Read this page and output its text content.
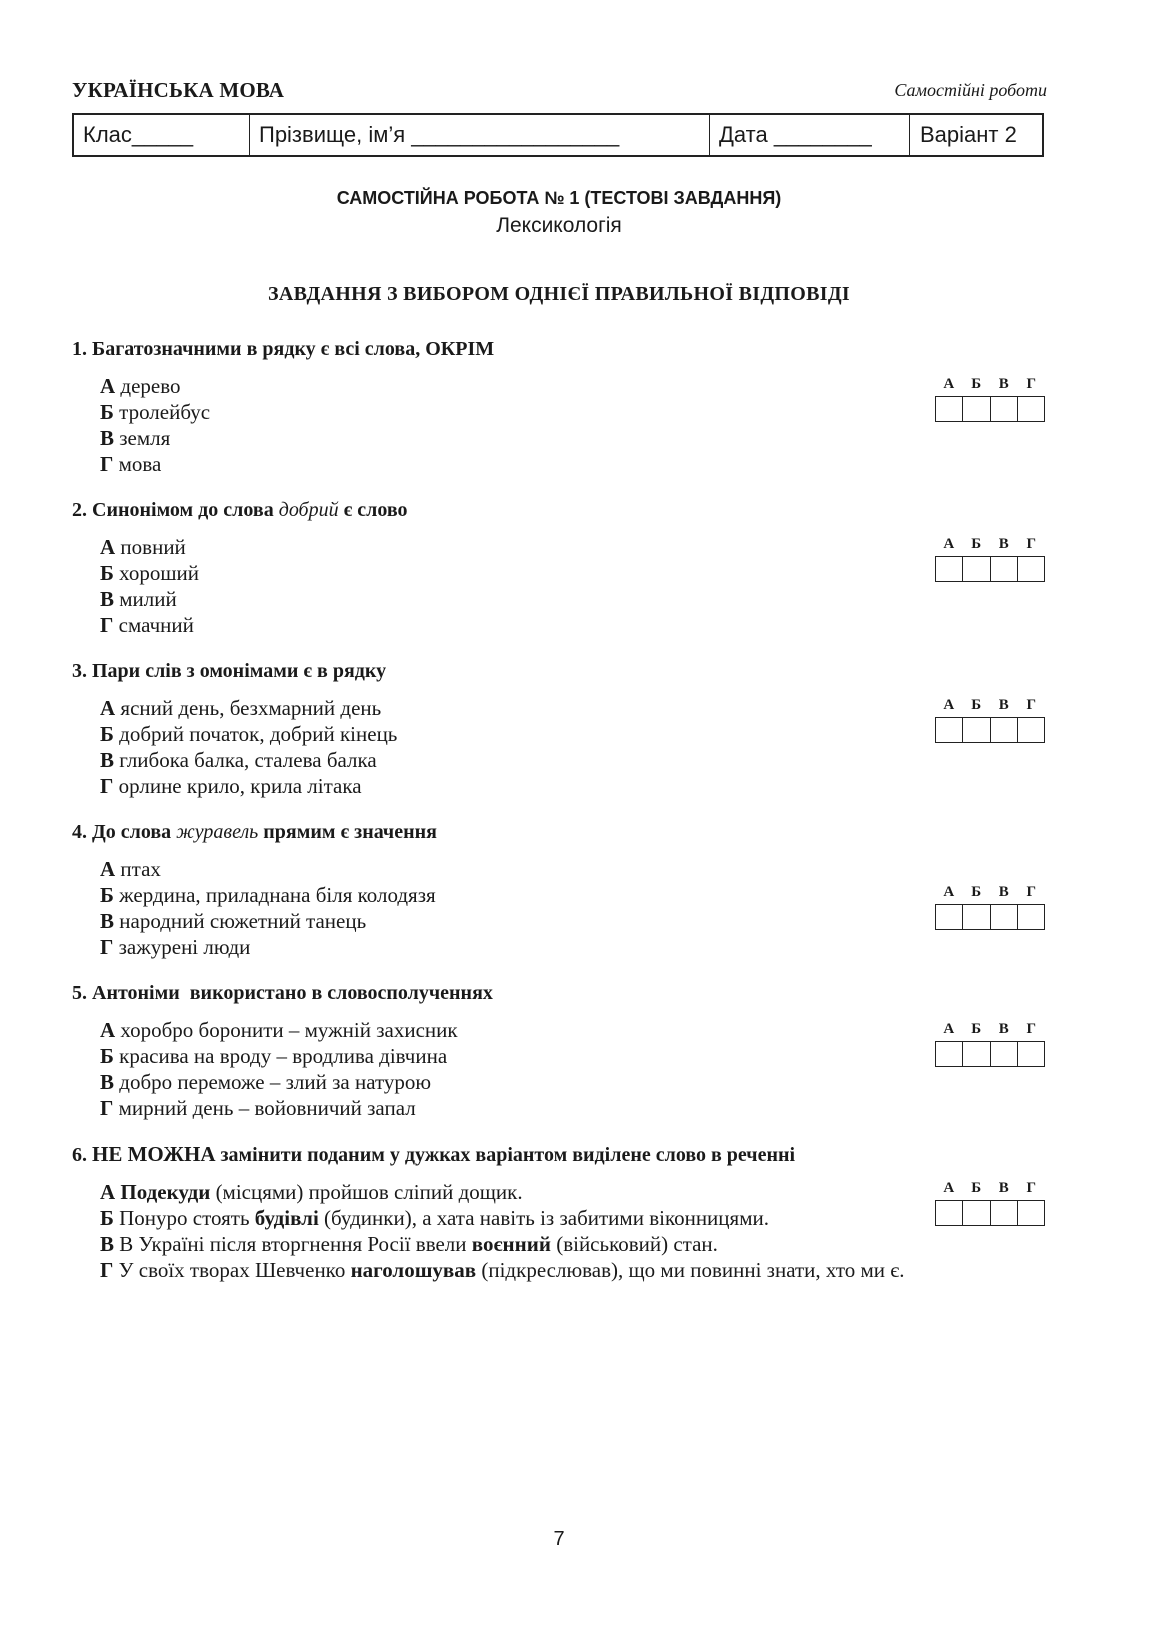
УКРАЇНСЬКА МОВА	Самостійні роботи
Клас_____	Прізвище, ім’я _________________	Дата ________	Варіант 2
САМОСТІЙНА РОБОТА № 1 (ТЕСТОВІ ЗАВДАННЯ)
Лексикологія
ЗАВДАННЯ З ВИБОРОМ ОДНІЄЇ ПРАВИЛЬНОЇ ВІДПОВІДІ
1. Багатозначними в рядку є всі слова, ОКРІМ
А дерево
Б тролейбус
В земля
Г мова
А	Б	В	Г
2. Синонімом до слова добрий є слово
А повний
Б хороший
В милий
Г смачний
А	Б	В	Г
3. Пари слів з омонімами є в рядку
А ясний день, безхмарний день
Б добрий початок, добрий кінець
В глибока балка, сталева балка
Г орлине крило, крила літака
А	Б	В	Г
4. До слова журавель прямим є значення
А птах
Б жердина, приладнана біля колодязя
В народний сюжетний танець
Г зажурені люди
А	Б	В	Г
5. Антоніми  використано в словосполученнях
А хоробро боронити – мужній захисник
Б красива на вроду – вродлива дівчина
В добро переможе – злий за натурою
Г мирний день – войовничий запал
А	Б	В	Г
6. НЕ МОЖНА замінити поданим у дужках варіантом виділене слово в реченні
А Подекуди (місцями) пройшов сліпий дощик.
Б Понуро стоять будівлі (будинки), а хата навіть із забитими віконницями.
В В Україні після вторгнення Росії ввели воєнний (військовий) стан.
Г У своїх творах Шевченко наголошував (підкреслював), що ми повинні знати, хто ми є.
А	Б	В	Г
7
